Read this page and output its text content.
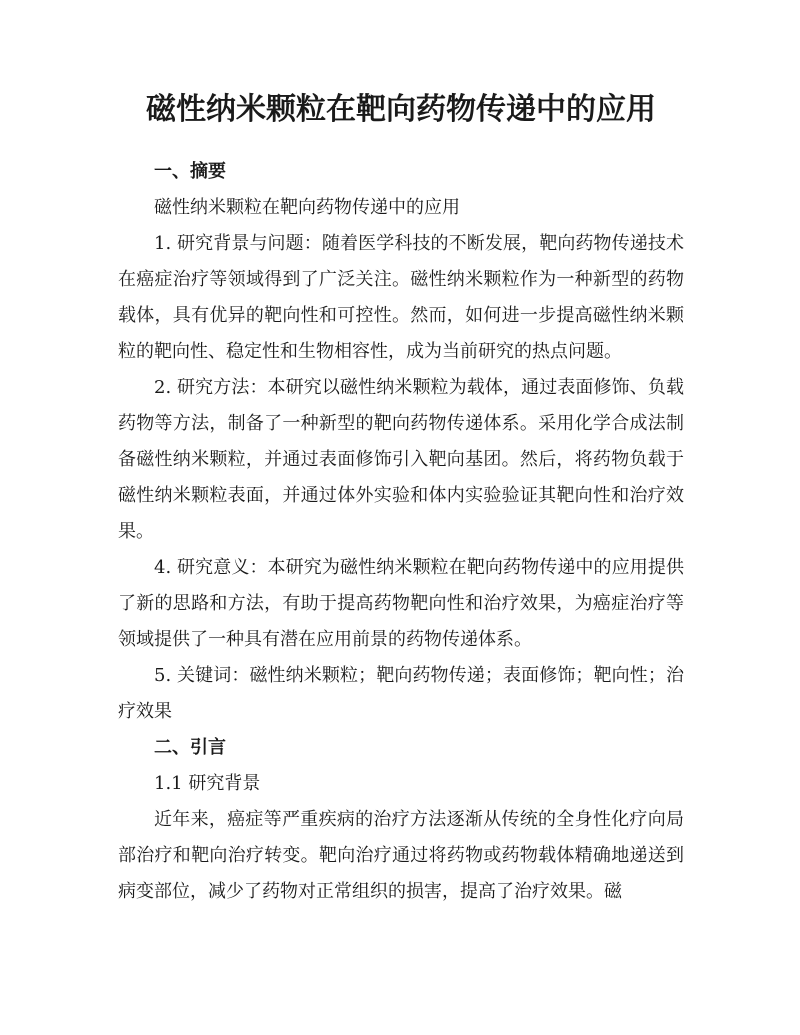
磁性纳米颗粒在靶向药物传递中的应用
一、摘要

磁性纳米颗粒在靶向药物传递中的应用

1. 研究背景与问题：随着医学科技的不断发展，靶向药物传递技术在癌症治疗等领域得到了广泛关注。磁性纳米颗粒作为一种新型的药物载体，具有优异的靶向性和可控性。然而，如何进一步提高磁性纳米颗粒的靶向性、稳定性和生物相容性，成为当前研究的热点问题。

2. 研究方法：本研究以磁性纳米颗粒为载体，通过表面修饰、负载药物等方法，制备了一种新型的靶向药物传递体系。采用化学合成法制备磁性纳米颗粒，并通过表面修饰引入靶向基团。然后，将药物负载于磁性纳米颗粒表面，并通过体外实验和体内实验验证其靶向性和治疗效果。

4. 研究意义：本研究为磁性纳米颗粒在靶向药物传递中的应用提供了新的思路和方法，有助于提高药物靶向性和治疗效果，为癌症治疗等领域提供了一种具有潜在应用前景的药物传递体系。

5. 关键词：磁性纳米颗粒；靶向药物传递；表面修饰；靶向性；治疗效果

二、引言

1.1 研究背景

近年来，癌症等严重疾病的治疗方法逐渐从传统的全身性化疗向局部治疗和靶向治疗转变。靶向治疗通过将药物或药物载体精确地递送到病变部位，减少了药物对正常组织的损害，提高了治疗效果。磁
